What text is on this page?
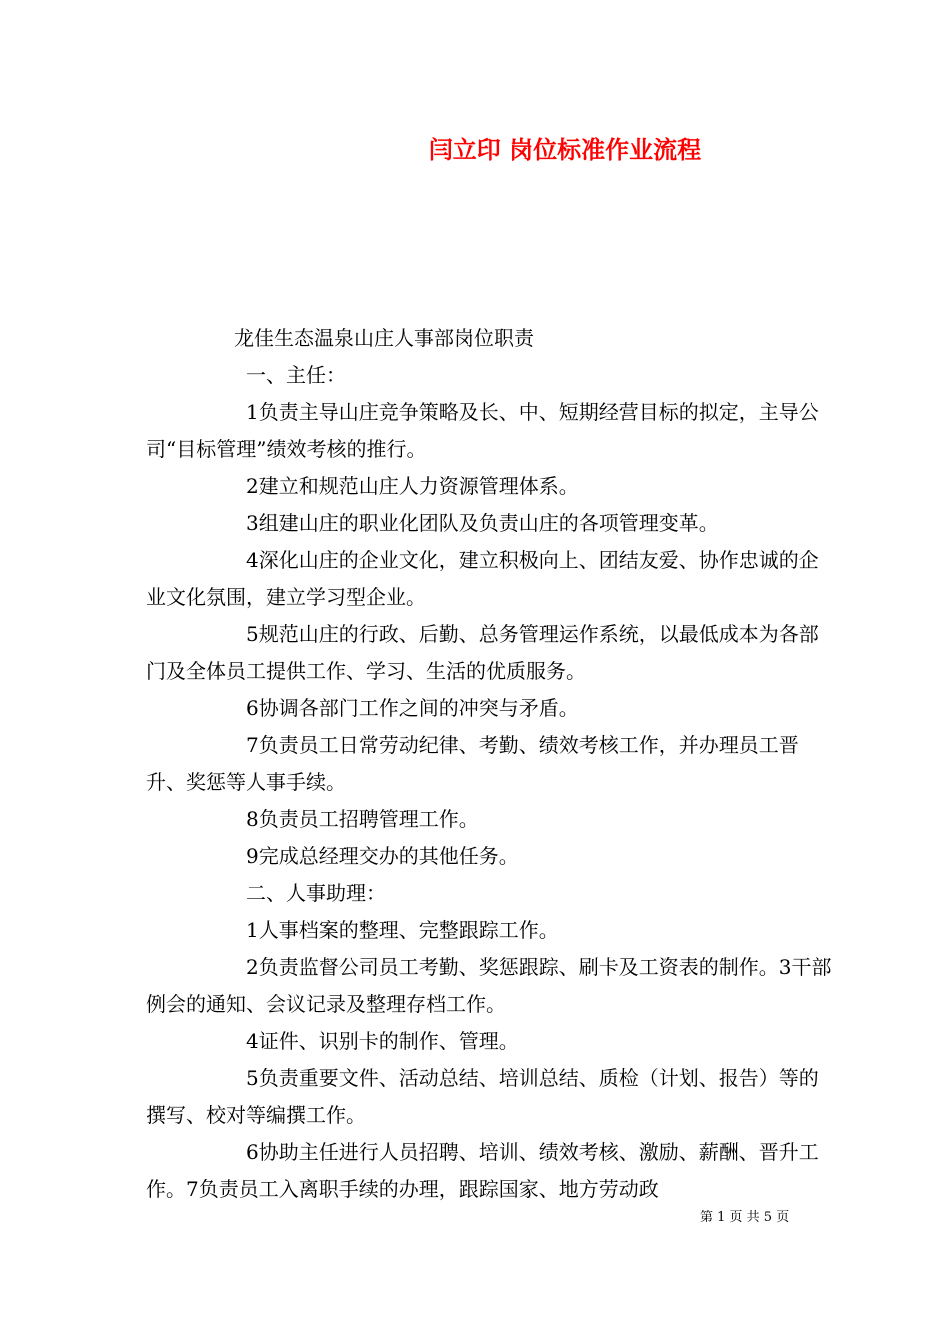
闫立印 岗位标准作业流程

龙佳生态温泉山庄人事部岗位职责

一、主任：

1负责主导山庄竞争策略及长、中、短期经营目标的拟定，主导公司“目标管理”绩效考核的推行。

2建立和规范山庄人力资源管理体系。

3组建山庄的职业化团队及负责山庄的各项管理变革。

4深化山庄的企业文化，建立积极向上、团结友爱、协作忠诚的企业文化氛围，建立学习型企业。

5规范山庄的行政、后勤、总务管理运作系统，以最低成本为各部门及全体员工提供工作、学习、生活的优质服务。

6协调各部门工作之间的冲突与矛盾。

7负责员工日常劳动纪律、考勤、绩效考核工作，并办理员工晋升、奖惩等人事手续。

8负责员工招聘管理工作。

9完成总经理交办的其他任务。

二、人事助理：

1人事档案的整理、完整跟踪工作。

2负责监督公司员工考勤、奖惩跟踪、刷卡及工资表的制作。3干部例会的通知、会议记录及整理存档工作。

4证件、识别卡的制作、管理。

5负责重要文件、活动总结、培训总结、质检（计划、报告）等的撰写、校对等编撰工作。

6协助主任进行人员招聘、培训、绩效考核、激励、薪酬、晋升工作。7负责员工入离职手续的办理，跟踪国家、地方劳动政

第 1 页 共 5 页
